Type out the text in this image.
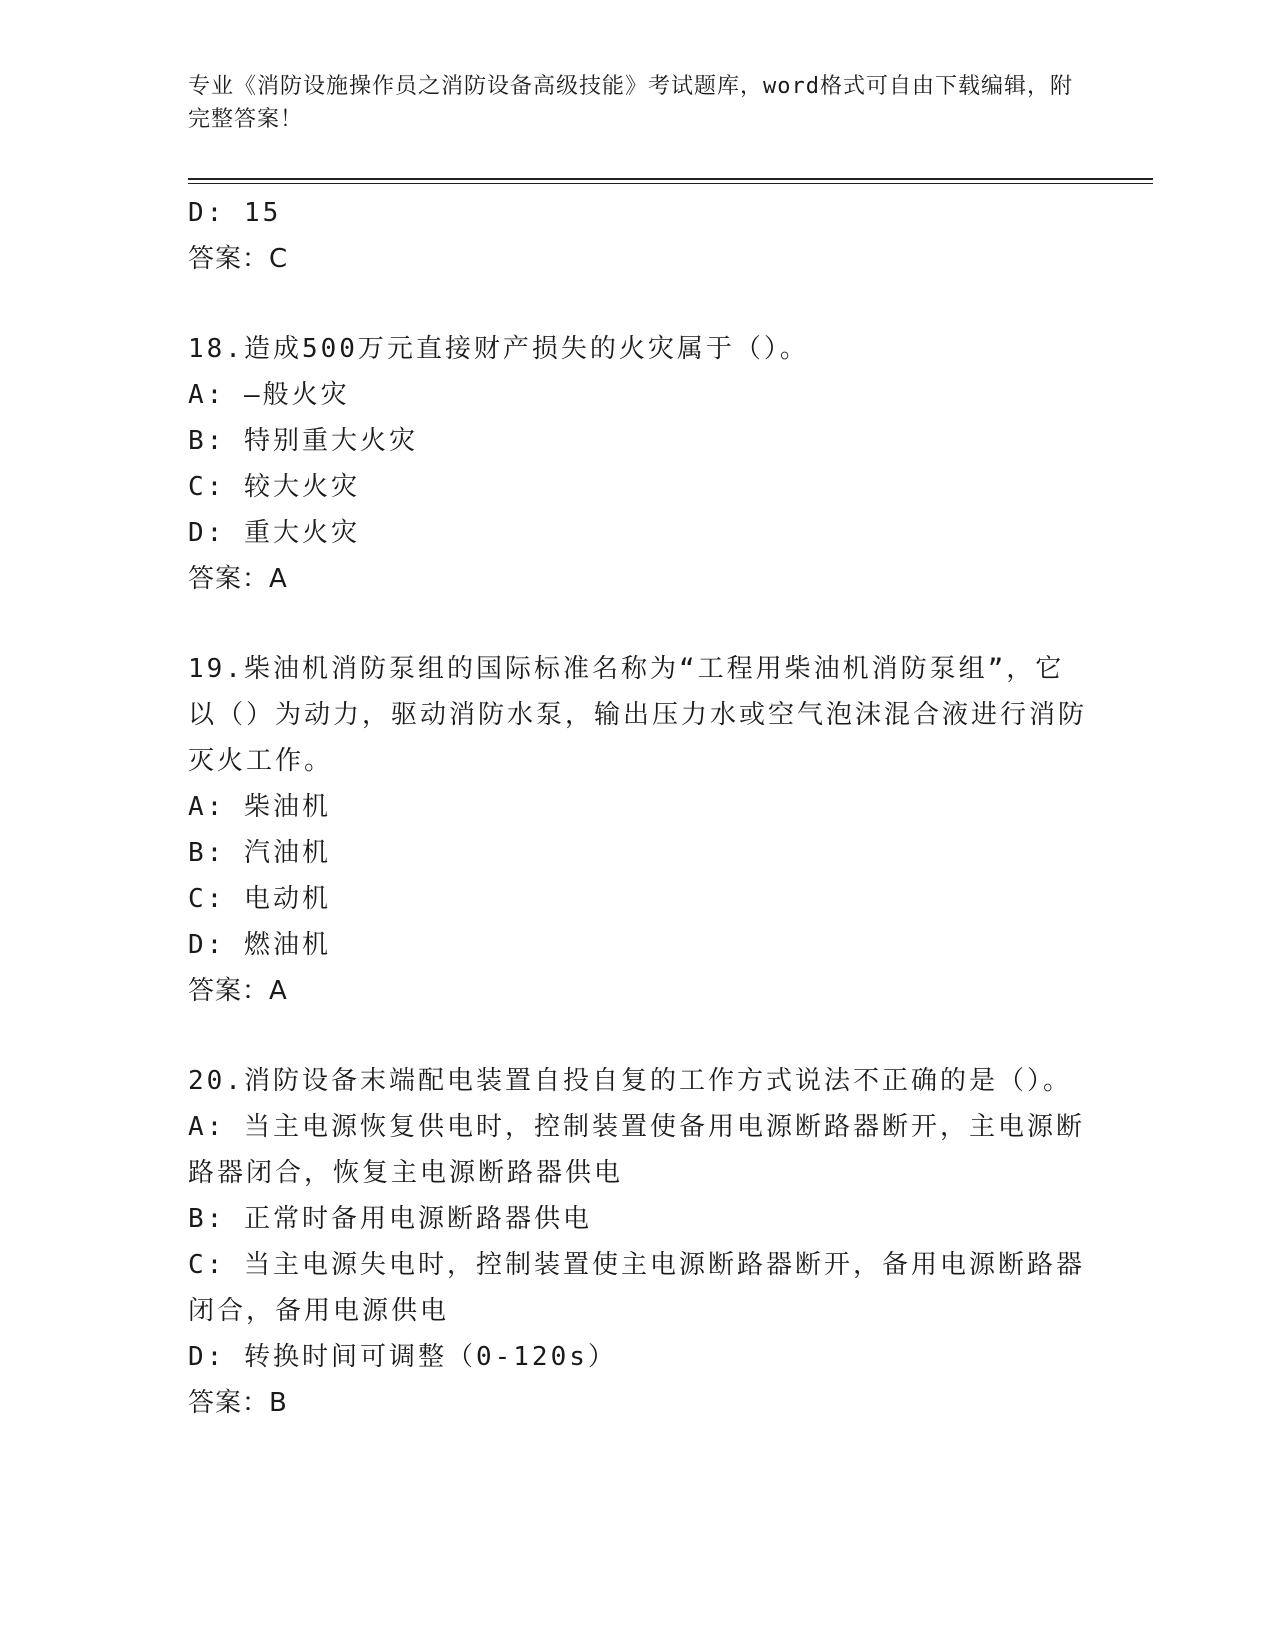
专业《消防设施操作员之消防设备高级技能》考试题库，word格式可自由下载编辑，附完整答案！
D: 15
答案：C
18.造成500万元直接财产损失的火灾属于（）。
A: —般火灾
B: 特别重大火灾
C: 较大火灾
D: 重大火灾
答案：A
19.柴油机消防泵组的国际标准名称为“工程用柴油机消防泵组”，它以（）为动力，驱动消防水泵，输出压力水或空气泡沫混合液进行消防灭火工作。
A: 柴油机
B: 汽油机
C: 电动机
D: 燃油机
答案：A
20.消防设备末端配电装置自投自复的工作方式说法不正确的是（）。
A: 当主电源恢复供电时，控制装置使备用电源断路器断开，主电源断路器闭合，恢复主电源断路器供电
B: 正常时备用电源断路器供电
C: 当主电源失电时，控制装置使主电源断路器断开，备用电源断路器闭合，备用电源供电
D: 转换时间可调整（0-120s）
答案：B
